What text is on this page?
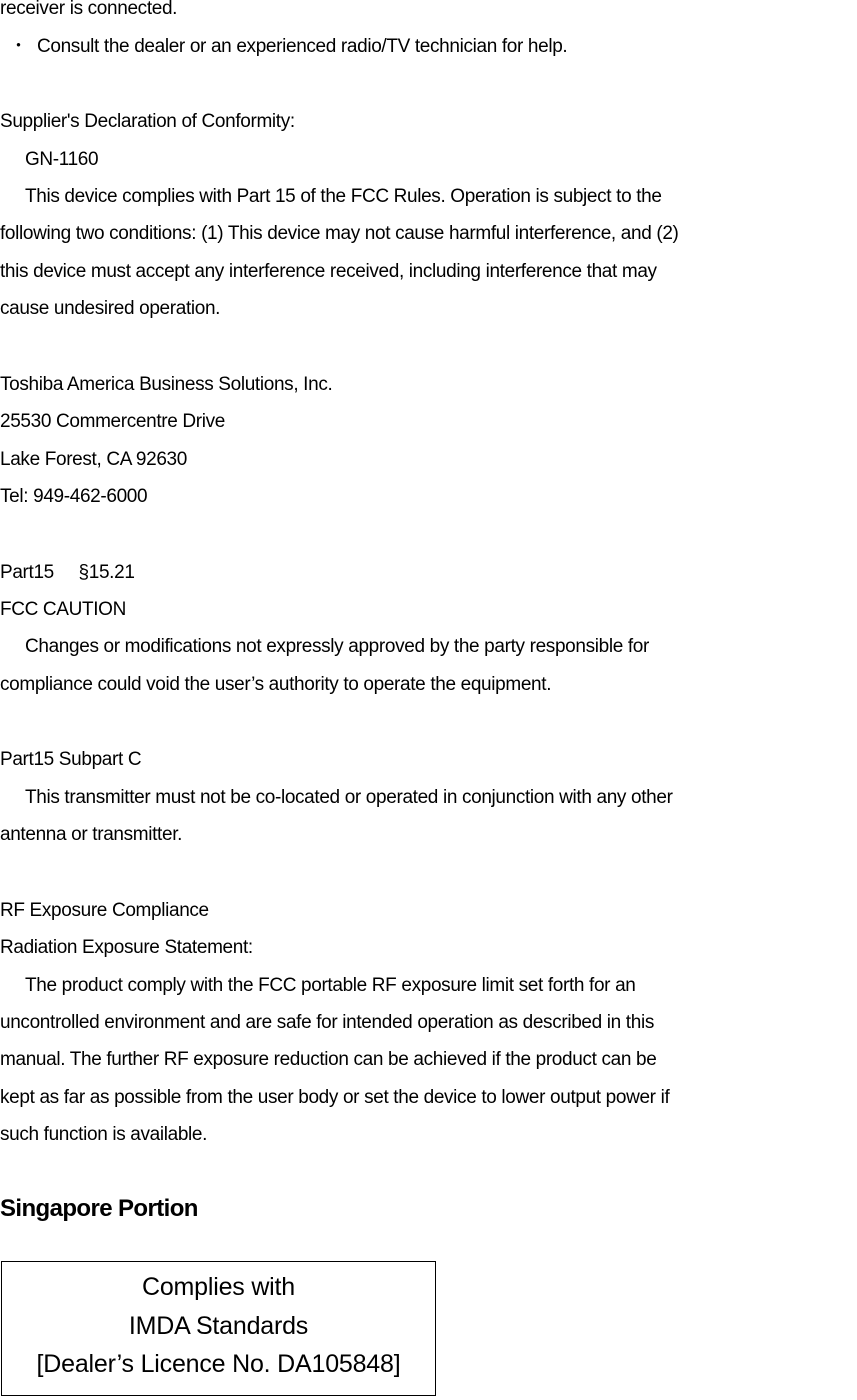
receiver is connected.
・ Consult the dealer or an experienced radio/TV technician for help.
Supplier's Declaration of Conformity:
GN-1160
This device complies with Part 15 of the FCC Rules. Operation is subject to the
following two conditions: (1) This device may not cause harmful interference, and (2)
this device must accept any interference received, including interference that may
cause undesired operation.
Toshiba America Business Solutions, Inc.
25530 Commercentre Drive
Lake Forest, CA 92630
Tel: 949-462-6000
Part15     §15.21
FCC CAUTION
Changes or modifications not expressly approved by the party responsible for
compliance could void the user’s authority to operate the equipment.
Part15 Subpart C
This transmitter must not be co-located or operated in conjunction with any other
antenna or transmitter.
RF Exposure Compliance
Radiation Exposure Statement:
The product comply with the FCC portable RF exposure limit set forth for an
uncontrolled environment and are safe for intended operation as described in this
manual. The further RF exposure reduction can be achieved if the product can be
kept as far as possible from the user body or set the device to lower output power if
such function is available.
Singapore Portion
Complies with
IMDA Standards
[Dealer’s Licence No. DA105848]
